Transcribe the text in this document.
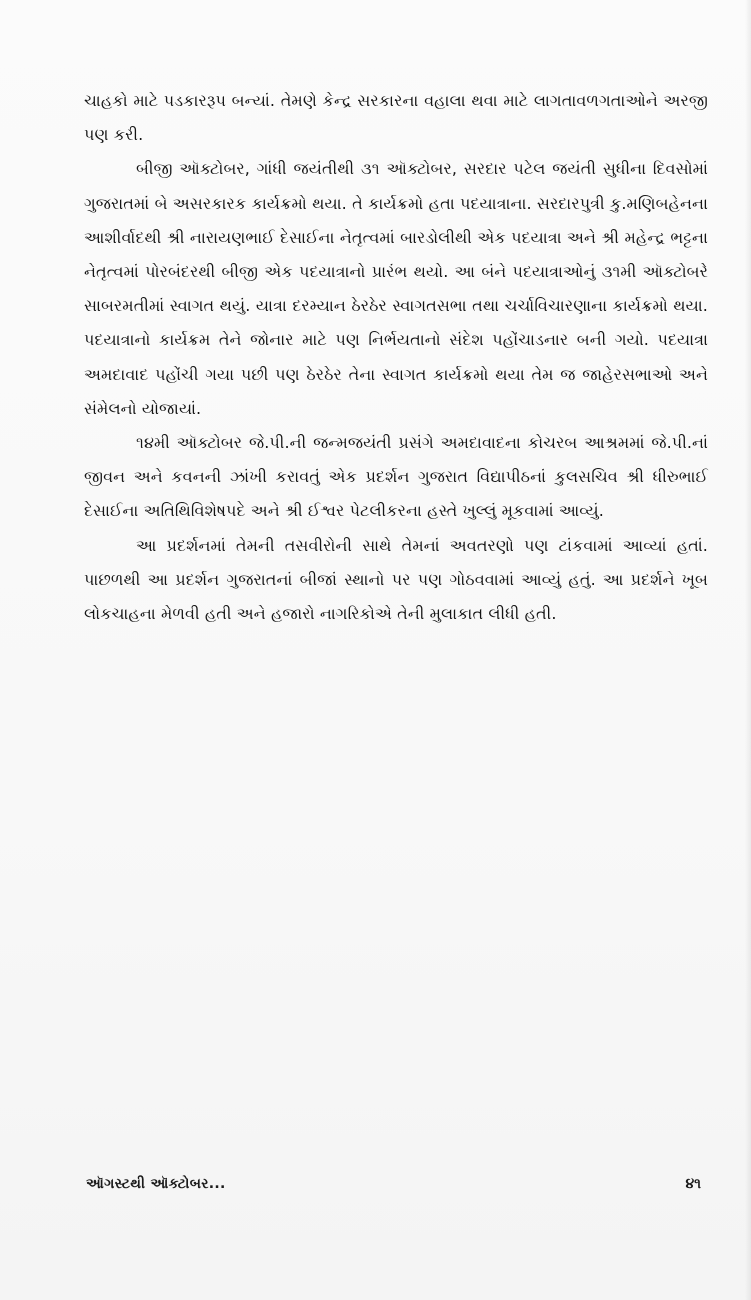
ચાહકો માટે પડકારરૂપ બન્યાં. તેમણે કેન્દ્ર સરકારના વહાલા થવા માટે લાગતાવળગતાઓને અરજી પણ કરી.

બીજી ઑક્ટોબર, ગાંધી જયંતીથી ૩૧ ઑક્ટોબર, સરદાર પટેલ જયંતી સુધીના દિવસોમાં ગુજરાતમાં બે અસરકારક કાર્યક્રમો થયા. તે કાર્યક્રમો હતા પદયાત્રાના. સરદારપુત્રી કુ.મણિબહેનના આશીર્વાદથી શ્રી નારાયણભાઈ દેસાઈના નેતૃત્વમાં બારડોલીથી એક પદયાત્રા અને શ્રી મહેન્દ્ર ભટ્ટના નેતૃત્વમાં પોરબંદરથી બીજી એક પદયાત્રાનો પ્રારંભ થયો. આ બંને પદયાત્રાઓનું ૩૧મી ઑક્ટોબરે સાબરમતીમાં સ્વાગત થયું. યાત્રા દરમ્યાન ઠેરઠેર સ્વાગતસભા તથા ચર્ચાવિચારણાના કાર્યક્રમો થયા. પદયાત્રાનો કાર્યક્રમ તેને જોનાર માટે પણ નિર્ભયતાનો સંદેશ પહોંચાડનાર બની ગયો. પદયાત્રા અમદાવાદ પહોંચી ગયા પછી પણ ઠેરઠેર તેના સ્વાગત કાર્યક્રમો થયા તેમ જ જાહેરસભાઓ અને સંમેલનો યોજાયાં.

૧૪મી ઑક્ટોબર જે.પી.ની જન્મજયંતી પ્રસંગે અમદાવાદના કોચરબ આશ્રમમાં જે.પી.નાં જીવન અને કવનની ઝાંખી કરાવતું એક પ્રદર્શન ગુજરાત વિદ્યાપીઠનાં કુલસચિવ શ્રી ધીરુભાઈ દેસાઈના અતિથિવિશેષપદે અને શ્રી ઈશ્વર પેટલીકરના હસ્તે ખુલ્લું મૂકવામાં આવ્યું.

આ પ્રદર્શનમાં તેમની તસવીરોની સાથે તેમનાં અવતરણો પણ ટાંકવામાં આવ્યાં હતાં. પાછળથી આ પ્રદર્શન ગુજરાતનાં બીજાં સ્થાનો પર પણ ગોઠવવામાં આવ્યું હતું. આ પ્રદર્શને ખૂબ લોકચાહના મેળવી હતી અને હજારો નાગરિકોએ તેની મુલાકાત લીધી હતી.

ઑગસ્ટથી ઑક્ટોબર...	૪૧
